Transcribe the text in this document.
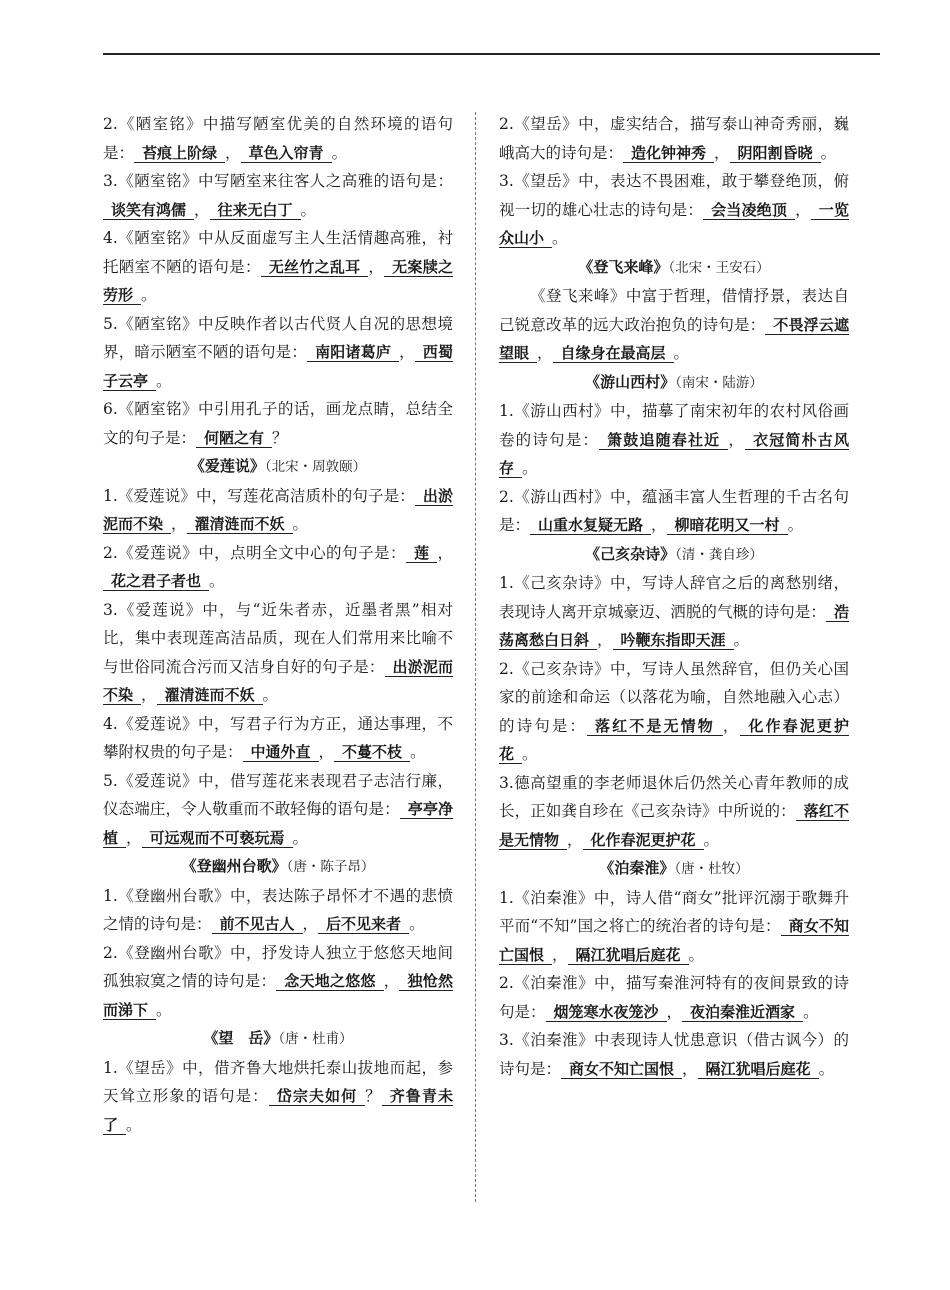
2.《陋室铭》中描写陋室优美的自然环境的语句是： 苔痕上阶绿 ， 草色入帘青 。
3.《陋室铭》中写陋室来往客人之高雅的语句是：谈笑有鸿儒 ， 往来无白丁 。
4.《陋室铭》中从反面虚写主人生活情趣高雅，衬托陋室不陋的语句是： 无丝竹之乱耳 ， 无案牍之劳形 。
5.《陋室铭》中反映作者以古代贤人自况的思想境界，暗示陋室不陋的语句是： 南阳诸葛庐 ， 西蜀子云亭 。
6.《陋室铭》中引用孔子的话，画龙点睛，总结全文的句子是： 何陋之有 ？
《爱莲说》（北宋・周敦颐）
1.《爱莲说》中，写莲花高洁质朴的句子是： 出淤泥而不染 ， 濯清涟而不妖 。
2.《爱莲说》中，点明全文中心的句子是： 莲 ，花之君子者也 。
3.《爱莲说》中，与“近朱者赤，近墨者黑”相对比，集中表现莲高洁品质，现在人们常用来比喻不与世俗同流合污而又洁身自好的句子是： 出淤泥而不染 ， 濯清涟而不妖 。
4.《爱莲说》中，写君子行为方正，通达事理，不攀附权贵的句子是： 中通外直 ， 不蔓不枝 。
5.《爱莲说》中，借写莲花来表现君子志洁行廉，仪态端庄，令人敬重而不敢轻侮的语句是： 亭亭净植 ， 可远观而不可亵玩焉 。
《登幽州台歌》（唐・陈子昂）
1.《登幽州台歌》中，表达陈子昂怀才不遇的悲愤之情的诗句是： 前不见古人 ， 后不见来者 。
2.《登幽州台歌》中，抒发诗人独立于悠悠天地间孤独寂寞之情的诗句是： 念天地之悠悠 ， 独怆然而涕下 。
《望　岳》（唐・杜甫）
1.《望岳》中，借齐鲁大地烘托泰山拔地而起，参天耸立形象的语句是： 岱宗夫如何 ？ 齐鲁青未了 。
2.《望岳》中，虚实结合，描写泰山神奇秀丽，巍峨高大的诗句是： 造化钟神秀 ， 阴阳割昏晓 。
3.《望岳》中，表达不畏困难，敢于攀登绝顶，俯视一切的雄心壮志的诗句是： 会当凌绝顶 ， 一览众山小 。
《登飞来峰》（北宋・王安石）
《登飞来峰》中富于哲理，借情抒景，表达自己锐意改革的远大政治抱负的诗句是： 不畏浮云遮望眼 ， 自缘身在最高层 。
《游山西村》（南宋・陆游）
1.《游山西村》中，描摹了南宋初年的农村风俗画卷的诗句是： 箫鼓追随春社近 ， 衣冠简朴古风存 。
2.《游山西村》中，蕴涵丰富人生哲理的千古名句是： 山重水复疑无路 ， 柳暗花明又一村 。
《己亥杂诗》（清・龚自珍）
1.《己亥杂诗》中，写诗人辞官之后的离愁别绪，表现诗人离开京城豪迈、洒脱的气概的诗句是： 浩荡离愁白日斜 ， 吟鞭东指即天涯 。
2.《己亥杂诗》中，写诗人虽然辞官，但仍关心国家的前途和命运（以落花为喻，自然地融入心志）的诗句是： 落红不是无情物 ， 化作春泥更护花 。
3.德高望重的李老师退休后仍然关心青年教师的成长，正如龚自珍在《己亥杂诗》中所说的： 落红不是无情物 ， 化作春泥更护花 。
《泊秦淮》（唐・杜牧）
1.《泊秦淮》中，诗人借“商女”批评沉溺于歌舞升平而“不知”国之将亡的统治者的诗句是： 商女不知亡国恨 ， 隔江犹唱后庭花 。
2.《泊秦淮》中，描写秦淮河特有的夜间景致的诗句是： 烟笼寒水夜笼沙 ， 夜泊秦淮近酒家 。
3.《泊秦淮》中表现诗人忧患意识（借古讽今）的诗句是： 商女不知亡国恨 ， 隔江犹唱后庭花 。
